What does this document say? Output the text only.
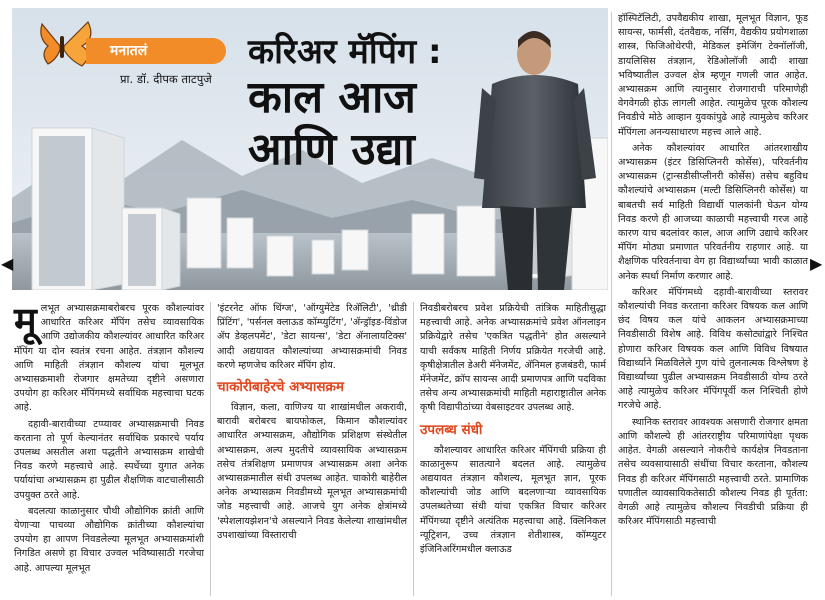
मनातलं
प्रा. डॉ. दीपक ताटपुजे
करिअर मॅपिंग :
काल आज
आणि उद्या
◀	▶

हॉस्पिटॅलिटी, उपवैद्यकीय शाखा, मूलभूत विज्ञान, फूड सायन्स, फार्मसी, दंतवैद्यक, नर्सिंग, वैद्यकीय प्रयोगशाळा शास्त्र, फिजिओथेरपी, मेडिकल इमेजिंग टेक्नॉलॉजी, डायलिसिस तंत्रज्ञान, रेडिओलॉजी आदी शाखा भविष्यातील उज्वल क्षेत्र म्हणून गणली जात आहेत. अभ्यासक्रम आणि त्यानुसार रोजगाराची परिमाणेही वेगवेगळी होऊ लागली आहेत. त्यामुळेच पूरक कौशल्य निवडीचे मोठे आव्हान युवकांपुढे आहे त्यामुळेच करिअर मॅपिंगला अनन्यसाधारण महत्त्व आले आहे.

अनेक कौशल्यांवर आधारित आंतरशाखीय अभ्यासक्रम (इंटर डिसिप्लिनरी कोर्सेस), परिवर्तनीय अभ्यासक्रम (ट्रान्सडीसीप्लीनरी कोर्सेस) तसेच बहुविध कौशल्यांचे अभ्यासक्रम (मल्टी डिसिप्लिनरी कोर्सेस) या बाबतची सर्व माहिती विद्यार्थी पालकांनी घेऊन योग्य निवड करणे ही आजच्या काळाची महत्त्वाची गरज आहे कारण याच बदलांवर काल, आज आणि उद्याचे करिअर मॅपिंग मोठ्या प्रमाणात परिवर्तनीय राहणार आहे. या शैक्षणिक परिवर्तनाचा वेग हा विद्यार्थ्यांच्या भावी काळात अनेक स्पर्धा निर्माण करणार आहे.

करिअर मॅपिंगमध्ये दहावी-बारावीच्या स्तरावर कौशल्यांची निवड करताना करिअर विषयक कल आणि छंद विषय कल यांचे आकलन अभ्यासक्रमाच्या निवडीसाठी विशेष आहे. विविध कसोट्यांद्वारे निश्चित होणारा करिअर विषयक कल आणि विविध विषयात विद्यार्थ्याने मिळविलेले गुण यांचे तुलनात्मक विश्लेषण हे विद्यार्थ्यांच्या पुढील अभ्यासक्रम निवडीसाठी योग्य ठरते आहे त्यामुळेच करिअर मॅपिंगपूर्वी कल निश्चिती होणे गरजेचे आहे.

स्थानिक स्तरावर आवश्यक असणारी रोजगार क्षमता आणि कौशल्ये ही आंतरराष्ट्रीय परिमाणांपेक्षा पृथक आहेत. वेगळी असल्याने नोकरीचे कार्यक्षेत्र निवडताना तसेच व्यवसायासाठी संधींचा विचार करताना, कौशल्य निवड ही करिअर मॅपिंगसाठी महत्त्वाची ठरते. प्रामाणिक पणातील व्यावसायिकतेसाठी कौशल्य निवड ही पूर्तता: वेगळी आहे त्यामुळेच कौशल्य निवडीची प्रक्रिया ही करिअर मॅपिंगसाठी महत्त्वाची

मूलभूत अभ्यासक्रमाबरोबरच पूरक कौशल्यांवर आधारित करिअर मॅपिंग तसेच व्यावसायिक आणि उद्योजकीय कौशल्यांवर आधारित करिअर मॅपिंग या दोन स्वतंत्र रचना आहेत. तंत्रज्ञान कौशल्य आणि माहिती तंत्रज्ञान कौशल्य यांचा मूलभूत अभ्यासक्रमाशी रोजगार क्षमतेच्या दृष्टीने असणारा उपयोग हा करिअर मॅपिंगमध्ये सर्वाधिक महत्त्वाचा घटक आहे.

दहावी-बारावीच्या टप्प्यावर अभ्यासक्रमाची निवड करताना तो पूर्ण केल्यानंतर सर्वाधिक प्रकारचे पर्याय उपलब्ध असतील अशा पद्धतीने अभ्यासक्रम शाखेची निवड करणे महत्त्वाचे आहे. स्पर्धेच्या युगात अनेक पर्यायांचा अभ्यासक्रम हा पुढील शैक्षणिक वाटचालीसाठी उपयुक्त ठरते आहे.

बदलत्या काळानुसार चौथी औद्योगिक क्रांती आणि येणाऱ्या पाचव्या औद्योगिक क्रांतीच्या कौशल्यांचा उपयोग हा आपण निवडलेल्या मूलभूत अभ्यासक्रमांशी निगडित असणे हा विचार उज्वल भविष्यासाठी गरजेचा आहे. आपल्या मूलभूत

'इंटरनेट ऑफ थिंग्ज', 'ऑग्युमेंटेड रिॲलिटी', 'थ्रीडी प्रिंटिंग', 'पर्सनल क्लाऊड कॉम्प्युटिंग', 'ॲन्ड्रॉइड-विंडोज ॲप डेव्हलपमेंट', 'डेटा सायन्स', 'डेटा ॲनालायटिक्स' आदी अद्ययावत कौशल्यांच्या अभ्यासक्रमांची निवड करणे म्हणजेच करिअर मॅपिंग होय.

चाकोरीबाहेरचे अभ्यासक्रम

विज्ञान, कला, वाणिज्य या शाखांमधील अकरावी, बारावी बरोबरच बायफोकल, किमान कौशल्यांवर आधारित अभ्यासक्रम, औद्योगिक प्रशिक्षण संस्थेतील अभ्यासक्रम, अल्प मुदतीचे व्यावसायिक अभ्यासक्रम तसेच तंत्रशिक्षण प्रमाणपत्र अभ्यासक्रम अशा अनेक अभ्यासक्रमातील संधी उपलब्ध आहेत. चाकोरी बाहेरील अनेक अभ्यासक्रम निवडीमध्ये मूलभूत अभ्यासक्रमांची जोड महत्त्वाची आहे. आजचे युग अनेक क्षेत्रांमध्ये 'स्पेशलायझेशन'चे असल्याने निवड केलेल्या शाखांमधील उपशाखांच्या विस्ताराची

निवडीबरोबरच प्रवेश प्रक्रियेची तांत्रिक माहितीसुद्धा महत्त्वाची आहे. अनेक अभ्यासक्रमांचे प्रवेश ऑनलाइन प्रक्रियेद्वारे तसेच 'एकत्रित पद्धतीने' होत असल्याने याची सर्वंकष माहिती निर्णय प्रक्रियेत गरजेची आहे. कृषीक्षेत्रातील डेअरी मॅनेजमेंट, ॲनिमल हजबंडरी, फार्म मॅनेजमेंट, क्रॉप सायन्स आदी प्रमाणपत्र आणि पदविका तसेच अन्य अभ्यासक्रमांची माहिती महाराष्ट्रातील अनेक कृषी विद्यापीठांच्या वेबसाइटवर उपलब्ध आहे.

उपलब्ध संधी

कौशल्यावर आधारित करिअर मॅपिंगची प्रक्रिया ही काळानुरूप सातत्याने बदलत आहे. त्यामुळेच अद्ययावत तंत्रज्ञान कौशल्य, मूलभूत ज्ञान, पूरक कौशल्यांची जोड आणि बदलणाऱ्या व्यावसायिक उपलब्धतेच्या संधी यांचा एकत्रित विचार करिअर मॅपिंगच्या दृष्टीने अत्यंतिक महत्त्वाचा आहे. क्लिनिकल न्यूट्रिशन, उच्च तंत्रज्ञान शेतीशास्त्र, कॉम्प्युटर इंजिनिअरिंगमधील क्लाऊड
